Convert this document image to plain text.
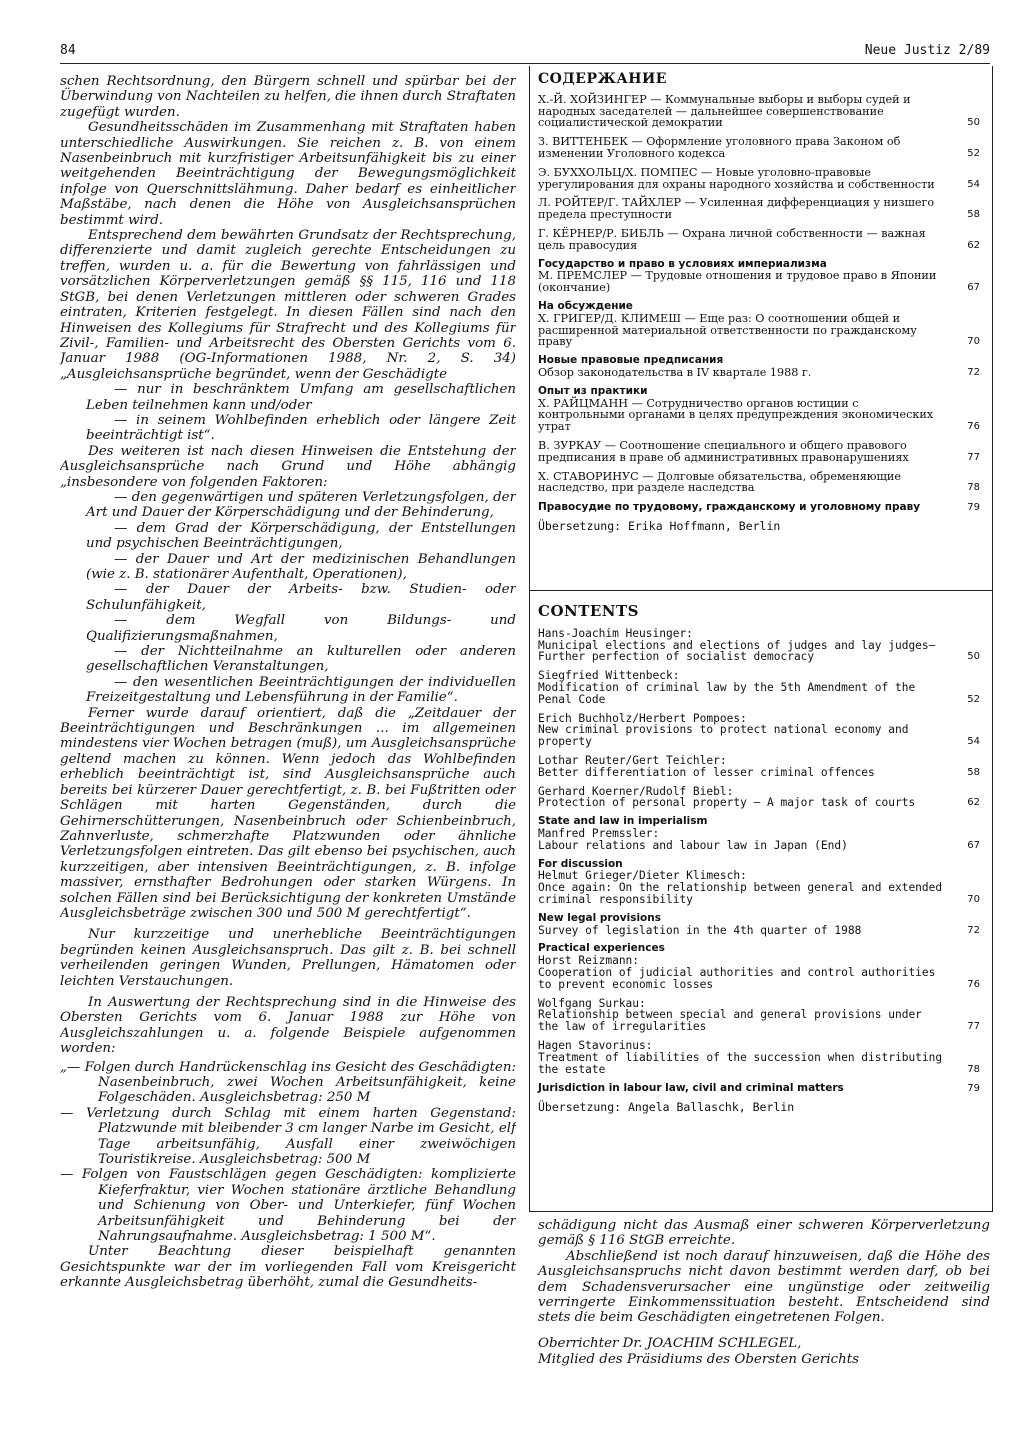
84	Neue Justiz 2/89

schen Rechtsordnung, den Bürgern schnell und spürbar bei der Überwindung von Nachteilen zu helfen, die ihnen durch Straftaten zugefügt wurden.

Gesundheitsschäden im Zusammenhang mit Straftaten haben unterschiedliche Auswirkungen. Sie reichen z. B. von einem Nasenbeinbruch mit kurzfristiger Arbeitsunfähigkeit bis zu einer weitgehenden Beeinträchtigung der Bewegungsmöglichkeit infolge von Querschnittslähmung. Daher bedarf es einheitlicher Maßstäbe, nach denen die Höhe von Ausgleichsansprüchen bestimmt wird.

Entsprechend dem bewährten Grundsatz der Rechtsprechung, differenzierte und damit zugleich gerechte Entscheidungen zu treffen, wurden u. a. für die Bewertung von fahrlässigen und vorsätzlichen Körperverletzungen gemäß §§ 115, 116 und 118 StGB, bei denen Verletzungen mittleren oder schweren Grades eintraten, Kriterien festgelegt. In diesen Fällen sind nach den Hinweisen des Kollegiums für Strafrecht und des Kollegiums für Zivil-, Familien- und Arbeitsrecht des Obersten Gerichts vom 6. Januar 1988 (OG-Informationen 1988, Nr. 2, S. 34) „Ausgleichsansprüche begründet, wenn der Geschädigte

— nur in beschränktem Umfang am gesellschaftlichen Leben teilnehmen kann und/oder

— in seinem Wohlbefinden erheblich oder längere Zeit beeinträchtigt ist“.

Des weiteren ist nach diesen Hinweisen die Entstehung der Ausgleichsansprüche nach Grund und Höhe abhängig „insbesondere von folgenden Faktoren:

— den gegenwärtigen und späteren Verletzungsfolgen, der Art und Dauer der Körperschädigung und der Behinderung,

— dem Grad der Körperschädigung, der Entstellungen und psychischen Beeinträchtigungen,

— der Dauer und Art der medizinischen Behandlungen (wie z. B. stationärer Aufenthalt, Operationen),

— der Dauer der Arbeits- bzw. Studien- oder Schulunfähigkeit,

— dem Wegfall von Bildungs- und Qualifizierungsmaßnahmen,

— der Nichtteilnahme an kulturellen oder anderen gesellschaftlichen Veranstaltungen,

— den wesentlichen Beeinträchtigungen der individuellen Freizeitgestaltung und Lebensführung in der Familie“.

Ferner wurde darauf orientiert, daß die „Zeitdauer der Beeinträchtigungen und Beschränkungen ... im allgemeinen mindestens vier Wochen betragen (muß), um Ausgleichsansprüche geltend machen zu können. Wenn jedoch das Wohlbefinden erheblich beeinträchtigt ist, sind Ausgleichsansprüche auch bereits bei kürzerer Dauer gerechtfertigt, z. B. bei Fußtritten oder Schlägen mit harten Gegenständen, durch die Gehirnerschütterungen, Nasenbeinbruch oder Schienbeinbruch, Zahnverluste, schmerzhafte Platzwunden oder ähnliche Verletzungsfolgen eintreten. Das gilt ebenso bei psychischen, auch kurzzeitigen, aber intensiven Beeinträchtigungen, z. B. infolge massiver, ernsthafter Bedrohungen oder starken Würgens. In solchen Fällen sind bei Berücksichtigung der konkreten Umstände Ausgleichsbeträge zwischen 300 und 500 M gerechtfertigt“.

Nur kurzzeitige und unerhebliche Beeinträchtigungen begründen keinen Ausgleichsanspruch. Das gilt z. B. bei schnell verheilenden geringen Wunden, Prellungen, Hämatomen oder leichten Verstauchungen.

In Auswertung der Rechtsprechung sind in die Hinweise des Obersten Gerichts vom 6. Januar 1988 zur Höhe von Ausgleichszahlungen u. a. folgende Beispiele aufgenommen worden:

„— Folgen durch Handrückenschlag ins Gesicht des Geschädigten: Nasenbeinbruch, zwei Wochen Arbeitsunfähigkeit, keine Folgeschäden. Ausgleichsbetrag: 250 M

— Verletzung durch Schlag mit einem harten Gegenstand: Platzwunde mit bleibender 3 cm langer Narbe im Gesicht, elf Tage arbeitsunfähig, Ausfall einer zweiwöchigen Touristikreise. Ausgleichsbetrag: 500 M

— Folgen von Faustschlägen gegen Geschädigten: komplizierte Kieferfraktur, vier Wochen stationäre ärztliche Behandlung und Schienung von Ober- und Unterkiefer, fünf Wochen Arbeitsunfähigkeit und Behinderung bei der Nahrungsaufnahme. Ausgleichsbetrag: 1 500 M“.

Unter Beachtung dieser beispielhaft genannten Gesichtspunkte war der im vorliegenden Fall vom Kreisgericht erkannte Ausgleichsbetrag überhöht, zumal die Gesundheits-

СОДЕРЖАНИЕ
Х.-Й. ХОЙЗИНГЕР — Коммунальные выборы и выборы судей и народных заседателей — дальнейшее совершенствование социалистической демократии	50
З. ВИТТЕНБЕК — Оформление уголовного права Законом об изменении Уголовного кодекса	52
Э. БУХХОЛЬЦ/Х. ПОМПЕС — Новые уголовно-правовые урегулирования для охраны народного хозяйства и собственности	54
Л. РОЙТЕР/Г. ТАЙХЛЕР — Усиленная дифференциация у низшего предела преступности	58
Г. КЁРНЕР/Р. БИБЛЬ — Охрана личной собственности — важная цель правосудия	62
Государство и право в условиях империализма
М. ПРЕМСЛЕР — Трудовые отношения и трудовое право в Японии (окончание)	67
На обсуждение
Х. ГРИГЕР/Д. КЛИМЕШ — Еще раз: О соотношении общей и расширенной материальной ответственности по гражданскому праву	70
Новые правовые предписания
Обзор законодательства в IV квартале 1988 г.	72
Опыт из практики
Х. РАЙЦМАНН — Сотрудничество органов юстиции с контрольными органами в целях предупреждения экономических утрат	76
В. ЗУРКАУ — Соотношение специального и общего правового предписания в праве об административных правонарушениях	77
Х. СТАВОРИНУС — Долговые обязательства, обременяющие наследство, при разделе наследства	78
Правосудие по трудовому, гражданскому и уголовному праву	79
Übersetzung: Erika Hoffmann, Berlin
CONTENTS
Hans-Joachim Heusinger:
Municipal elections and elections of judges and lay judges— Further perfection of socialist democracy	50
Siegfried Wittenbeck:
Modification of criminal law by the 5th Amendment of the Penal Code	52
Erich Buchholz/Herbert Pompoes:
New criminal provisions to protect national economy and property	54
Lothar Reuter/Gert Teichler:
Better differentiation of lesser criminal offences	58
Gerhard Koerner/Rudolf Biebl:
Protection of personal property — A major task of courts	62
State and law in imperialism
Manfred Premssler:
Labour relations and labour law in Japan (End)	67
For discussion
Helmut Grieger/Dieter Klimesch:
Once again: On the relationship between general and extended criminal responsibility	70
New legal provisions
Survey of legislation in the 4th quarter of 1988	72
Practical experiences
Horst Reizmann:
Cooperation of judicial authorities and control authorities to prevent economic losses	76
Wolfgang Surkau:
Relationship between special and general provisions under the law of irregularities	77
Hagen Stavorinus:
Treatment of liabilities of the succession when distributing the estate	78
Jurisdiction in labour law, civil and criminal matters	79
Übersetzung: Angela Ballaschk, Berlin

schädigung nicht das Ausmaß einer schweren Körperverletzung gemäß § 116 StGB erreichte.

Abschließend ist noch darauf hinzuweisen, daß die Höhe des Ausgleichsanspruchs nicht davon bestimmt werden darf, ob bei dem Schadensverursacher eine ungünstige oder zeitweilig verringerte Einkommenssituation besteht. Entscheidend sind stets die beim Geschädigten eingetretenen Folgen.

Oberrichter Dr. JOACHIM SCHLEGEL,
Mitglied des Präsidiums des Obersten Gerichts
